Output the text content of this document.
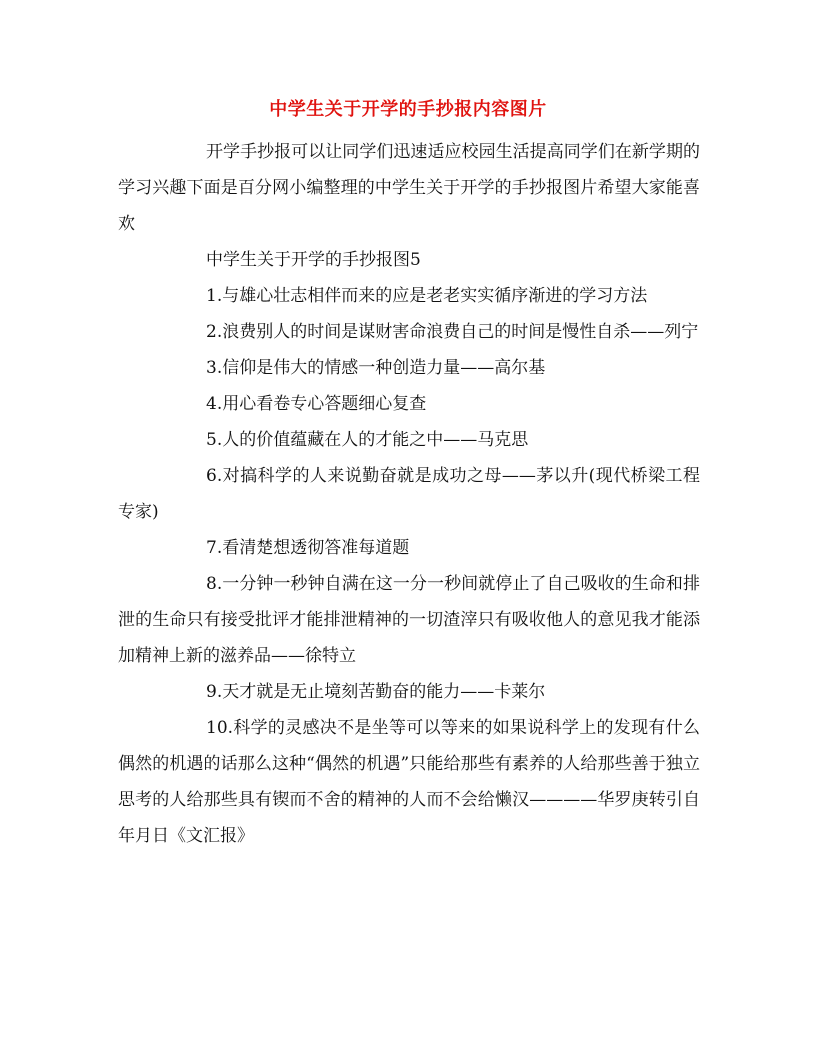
中学生关于开学的手抄报内容图片

开学手抄报可以让同学们迅速适应校园生活提高同学们在新学期的学习兴趣下面是百分网小编整理的中学生关于开学的手抄报图片希望大家能喜欢

中学生关于开学的手抄报图5

1.与雄心壮志相伴而来的应是老老实实循序渐进的学习方法

2.浪费别人的时间是谋财害命浪费自己的时间是慢性自杀——列宁

3.信仰是伟大的情感一种创造力量——高尔基

4.用心看卷专心答题细心复查

5.人的价值蕴藏在人的才能之中——马克思

6.对搞科学的人来说勤奋就是成功之母——茅以升(现代桥梁工程专家)

7.看清楚想透彻答准每道题

8.一分钟一秒钟自满在这一分一秒间就停止了自己吸收的生命和排泄的生命只有接受批评才能排泄精神的一切渣滓只有吸收他人的意见我才能添加精神上新的滋养品——徐特立

9.天才就是无止境刻苦勤奋的能力——卡莱尔

10.科学的灵感决不是坐等可以等来的如果说科学上的发现有什么偶然的机遇的话那么这种“偶然的机遇”只能给那些有素养的人给那些善于独立思考的人给那些具有锲而不舍的精神的人而不会给懒汉————华罗庚转引自年月日《文汇报》
